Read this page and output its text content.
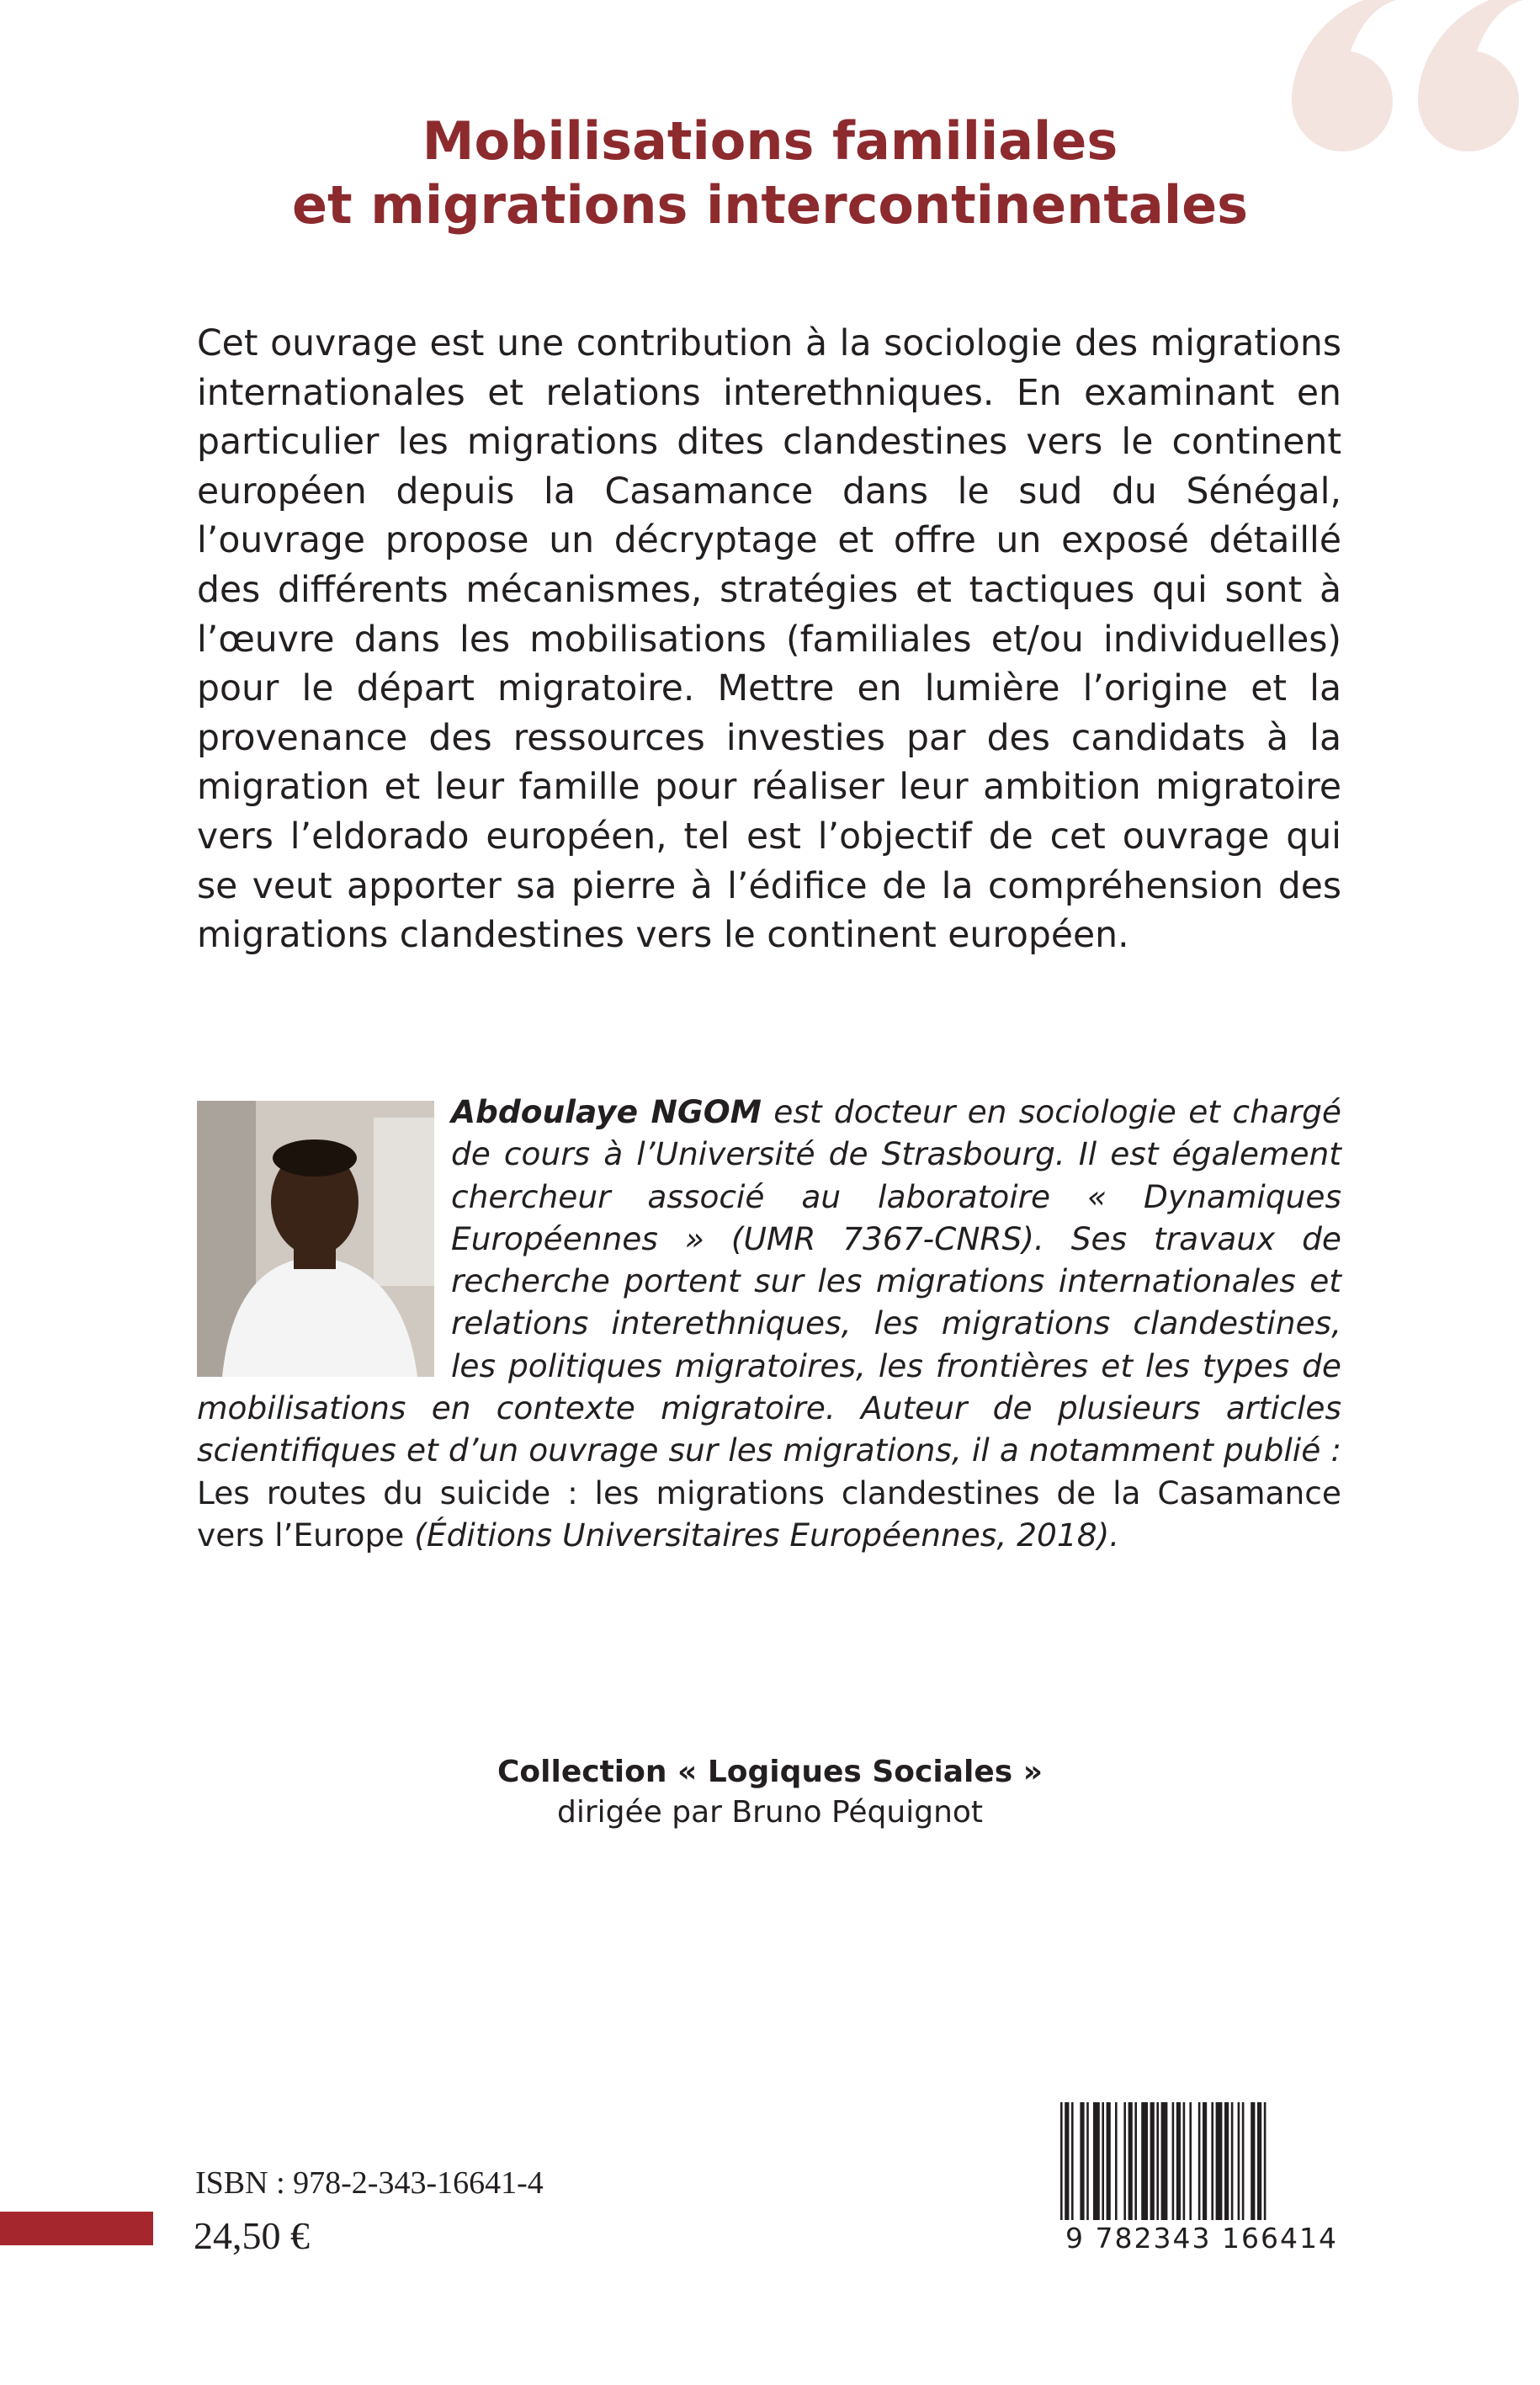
Mobilisations familiales
et migrations intercontinentales
Cet ouvrage est une contribution à la sociologie des migrations internationales et relations interethniques. En examinant en particulier les migrations dites clandestines vers le continent européen depuis la Casamance dans le sud du Sénégal, l’ouvrage propose un décryptage et offre un exposé détaillé des différents mécanismes, stratégies et tactiques qui sont à l’œuvre dans les mobilisations (familiales et/ou individuelles) pour le départ migratoire. Mettre en lumière l’origine et la provenance des ressources investies par des candidats à la migration et leur famille pour réaliser leur ambition migratoire vers l’eldorado européen, tel est l’objectif de cet ouvrage qui se veut apporter sa pierre à l’édifice de la compréhension des migrations clandestines vers le continent européen.
Abdoulaye NGOM est docteur en sociologie et chargé de cours à l’Université de Strasbourg. Il est également chercheur associé au laboratoire « Dynamiques Européennes » (UMR 7367-CNRS). Ses travaux de recherche portent sur les migrations internationales et relations interethniques, les migrations clandestines, les politiques migratoires, les frontières et les types de mobilisations en contexte migratoire. Auteur de plusieurs articles scientifiques et d’un ouvrage sur les migrations, il a notamment publié : Les routes du suicide : les migrations clandestines de la Casamance vers l’Europe (Éditions Universitaires Européennes, 2018).
Collection « Logiques Sociales »
dirigée par Bruno Péquignot
ISBN : 978-2-343-16641-4
24,50 €	9 782343 166414
